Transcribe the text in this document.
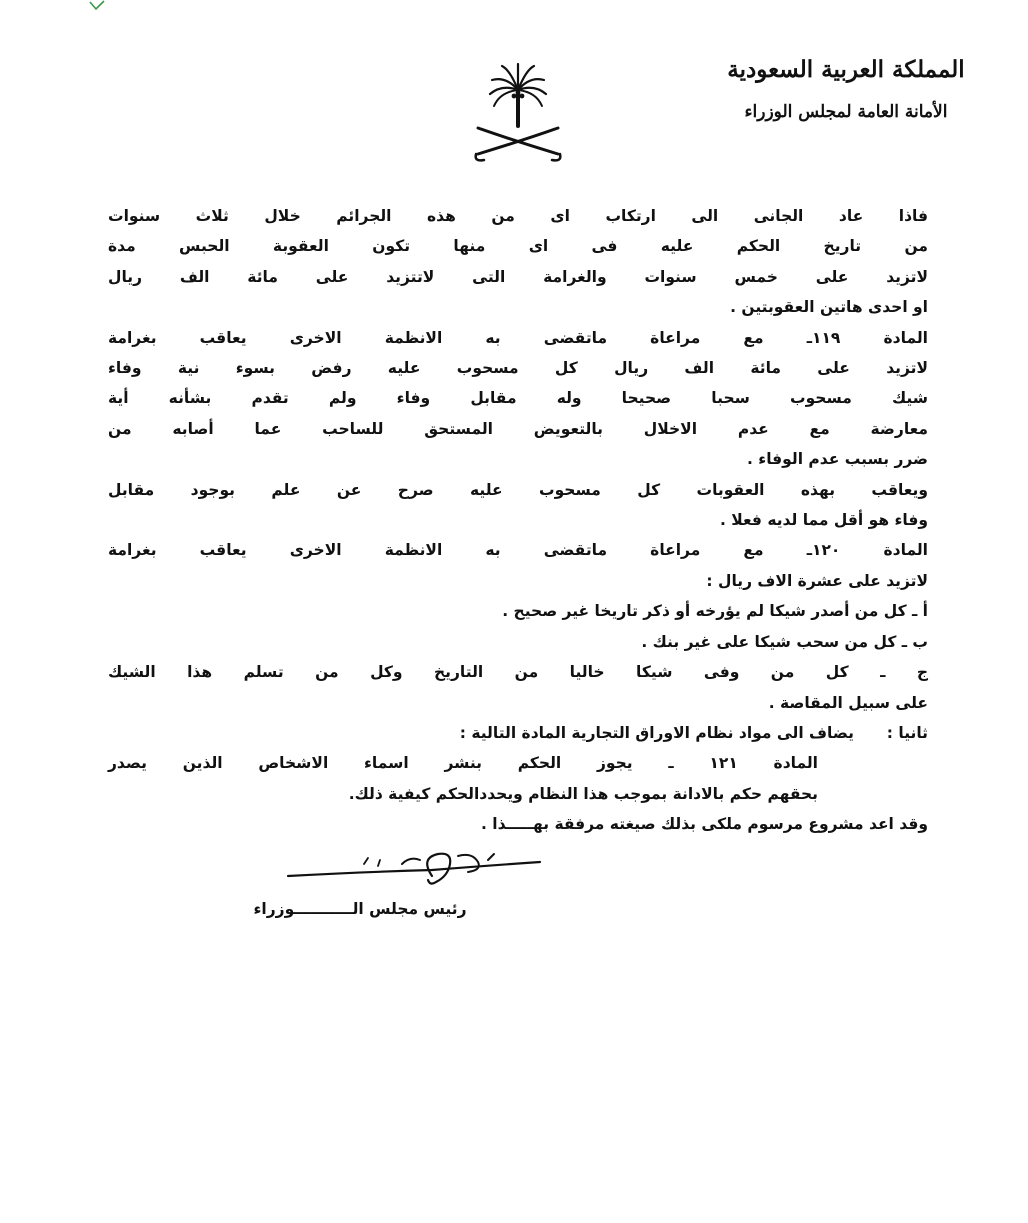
المملكة العربية السعودية
الأمانة العامة لمجلس الوزراء

فاذا عاد الجانى الى ارتكاب اى من هذه الجرائم خلال ثلاث سنوات

من تاريخ الحكم عليه فى اى منها تكون العقوبة الحبس مدة

لاتزيد على خمس سنوات والغرامة التى لاتتزيد على مائة الف ريال

او احدى هاتين العقوبتين .

المادة ١١٩ـ مع مراعاة ماتقضى به الانظمة الاخرى يعاقب بغرامة

لاتزيد على مائة الف ريال كل مسحوب عليه رفض بسوء نية وفاء

شيك مسحوب سحبا صحيحا وله مقابل وفاء ولم تقدم بشأنه أية

معارضة مع عدم الاخلال بالتعويض المستحق للساحب عما أصابه من

ضرر بسبب عدم الوفاء .

ويعاقب بهذه العقوبات كل مسحوب عليه صرح عن علم بوجود مقابل

وفاء هو أقل مما لديه فعلا .

المادة ١٢٠ـ مع مراعاة ماتقضى به الانظمة الاخرى يعاقب بغرامة

لاتزيد على عشرة الاف ريال :

أ ـ كل من أصدر شيكا لم يؤرخه أو ذكر تاريخا غير صحيح .

ب ـ كل من سحب شيكا على غير بنك .

ج ـ كل من وفى شيكا خاليا من التاريخ وكل من تسلم هذا الشيك

على سبيل المقاصة .

ثانيا :  يضاف الى مواد نظام الاوراق التجارية المادة التالية :

المادة ١٢١ ـ يجوز الحكم بنشر اسماء الاشخاص الذين يصدر

بحقهم حكم بالادانة بموجب هذا النظام ويحددالحكم كيفية ذلك.

وقد اعد مشروع مرسوم ملكى بذلك صيغته مرفقة بهـــــذا .

رئيس مجلس الـــــــــــوزراء
